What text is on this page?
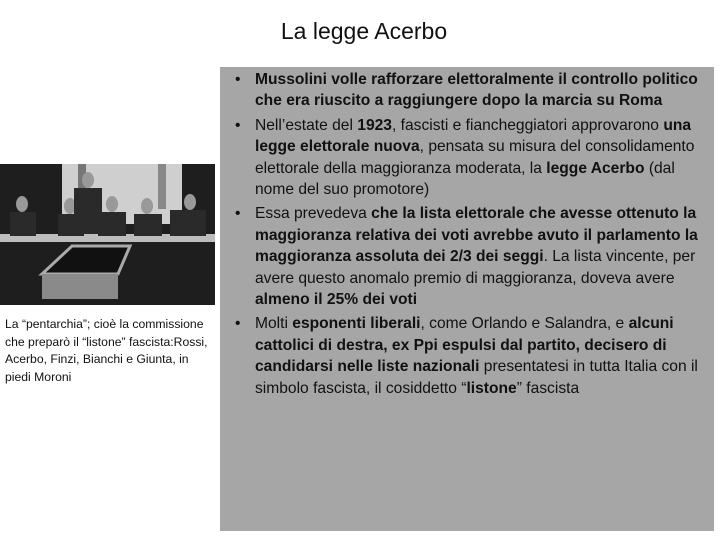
La legge Acerbo
La “pentarchia”; cioè la commissione che preparò il “listone” fascista:Rossi, Acerbo, Finzi, Bianchi e Giunta, in piedi Moroni
• Mussolini volle rafforzare elettoralmente il controllo politico che era riuscito a raggiungere dopo la marcia su Roma
• Nell’estate del 1923, fascisti e fiancheggiatori approvarono una legge elettorale nuova, pensata su misura del consolidamento elettorale della maggioranza moderata, la legge Acerbo (dal nome del suo promotore)
• Essa prevedeva che la lista elettorale che avesse ottenuto la maggioranza relativa dei voti avrebbe avuto il parlamento la maggioranza assoluta dei 2/3 dei seggi. La lista vincente, per avere questo anomalo premio di maggioranza, doveva avere almeno il 25% dei voti
• Molti esponenti liberali, come Orlando e Salandra, e alcuni cattolici di destra, ex Ppi espulsi dal partito, decisero di candidarsi nelle liste nazionali presentatesi in tutta Italia con il simbolo fascista, il cosiddetto “listone” fascista
